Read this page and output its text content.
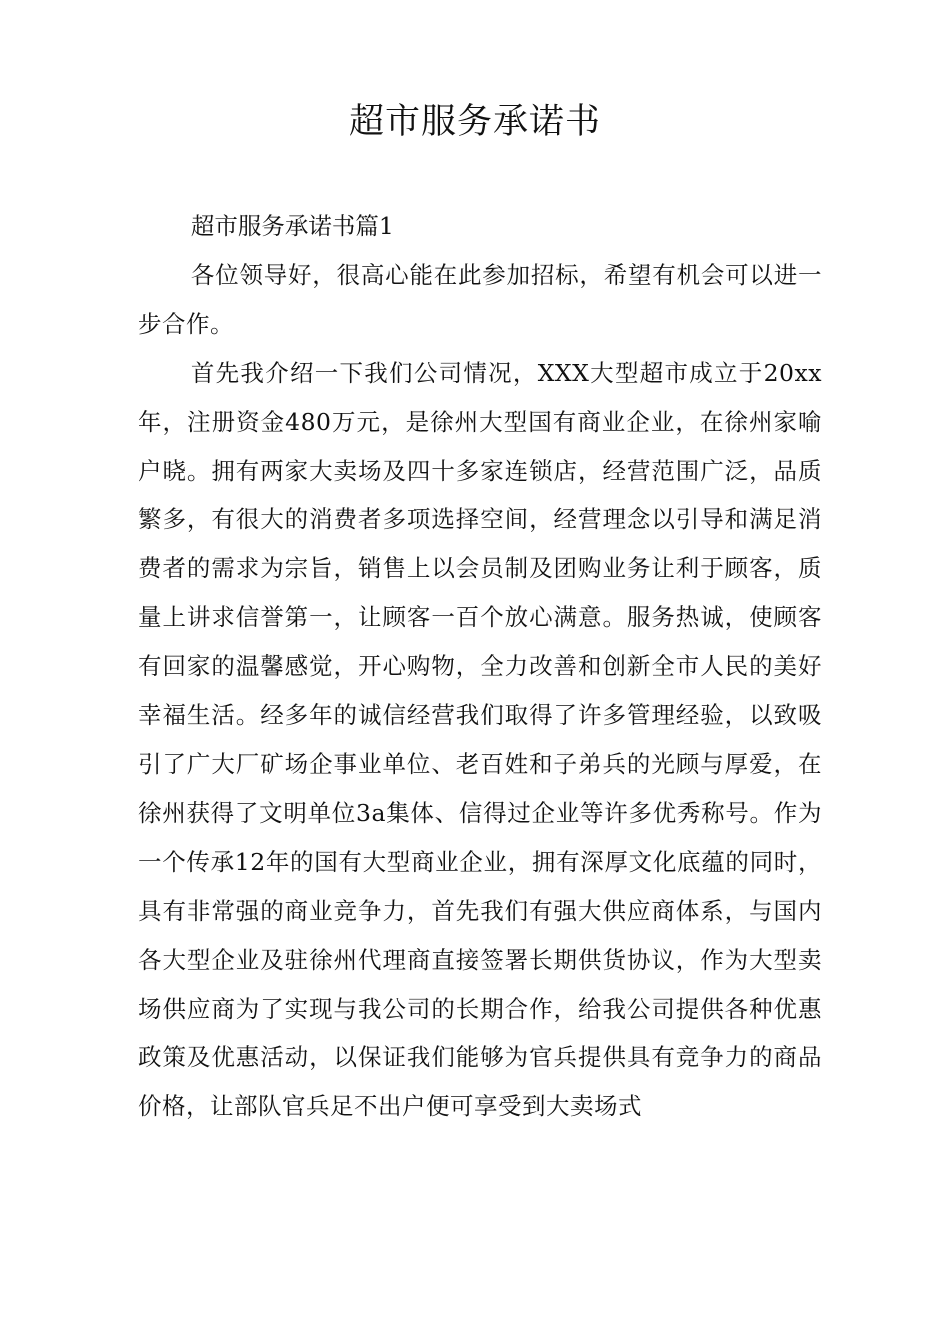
超市服务承诺书

超市服务承诺书篇1

各位领导好，很高心能在此参加招标，希望有机会可以进一步合作。

首先我介绍一下我们公司情况，XXX大型超市成立于20xx年，注册资金480万元，是徐州大型国有商业企业，在徐州家喻户晓。拥有两家大卖场及四十多家连锁店，经营范围广泛，品质繁多，有很大的消费者多项选择空间，经营理念以引导和满足消费者的需求为宗旨，销售上以会员制及团购业务让利于顾客，质量上讲求信誉第一，让顾客一百个放心满意。服务热诚，使顾客有回家的温馨感觉，开心购物，全力改善和创新全市人民的美好幸福生活。经多年的诚信经营我们取得了许多管理经验，以致吸引了广大厂矿场企事业单位、老百姓和子弟兵的光顾与厚爱，在徐州获得了文明单位3a集体、信得过企业等许多优秀称号。作为一个传承12年的国有大型商业企业，拥有深厚文化底蕴的同时，具有非常强的商业竞争力，首先我们有强大供应商体系，与国内各大型企业及驻徐州代理商直接签署长期供货协议，作为大型卖场供应商为了实现与我公司的长期合作，给我公司提供各种优惠政策及优惠活动，以保证我们能够为官兵提供具有竞争力的商品价格，让部队官兵足不出户便可享受到大卖场式
